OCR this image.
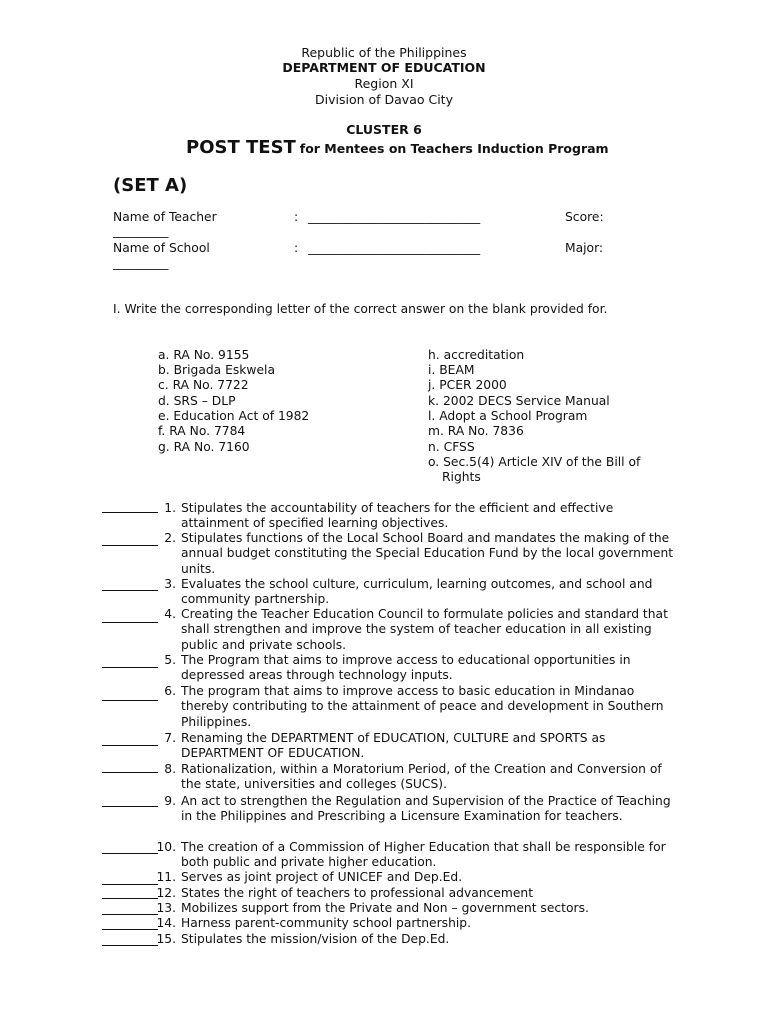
Republic of the Philippines
DEPARTMENT OF EDUCATION
Region XI
Division of Davao City
CLUSTER 6
POST TEST for Mentees on Teachers Induction Program
(SET A)
Name of Teacher	: ____________________________	Score:
_________
Name of School	: ____________________________	Major:
_________
I. Write the corresponding letter of the correct answer on the blank provided for.
a. RA No. 9155
b. Brigada Eskwela
c. RA No. 7722
d. SRS – DLP
e. Education Act of 1982
f. RA No. 7784
g. RA No. 7160
h. accreditation
i. BEAM
j. PCER 2000
k. 2002 DECS Service Manual
l. Adopt a School Program
m. RA No. 7836
n. CFSS
o. Sec.5(4) Article XIV of the Bill of
Rights
1. Stipulates the accountability of teachers for the efficient and effective attainment of specified learning objectives.
2. Stipulates functions of the Local School Board and mandates the making of the annual budget constituting the Special Education Fund by the local government units.
3. Evaluates the school culture, curriculum, learning outcomes, and school and community partnership.
4. Creating the Teacher Education Council to formulate policies and standard that shall strengthen and improve the system of teacher education in all existing public and private schools.
5. The Program that aims to improve access to educational opportunities in depressed areas through technology inputs.
6. The program that aims to improve access to basic education in Mindanao thereby contributing to the attainment of peace and development in Southern Philippines.
7. Renaming the DEPARTMENT of EDUCATION, CULTURE and SPORTS as DEPARTMENT OF EDUCATION.
8. Rationalization, within a Moratorium Period, of the Creation and Conversion of the state, universities and colleges (SUCS).
9. An act to strengthen the Regulation and Supervision of the Practice of Teaching in the Philippines and Prescribing a Licensure Examination for teachers.
10. The creation of a Commission of Higher Education that shall be responsible for both public and private higher education.
11. Serves as joint project of UNICEF and Dep.Ed.
12. States the right of teachers to professional advancement
13. Mobilizes support from the Private and Non – government sectors.
14. Harness parent-community school partnership.
15. Stipulates the mission/vision of the Dep.Ed.
